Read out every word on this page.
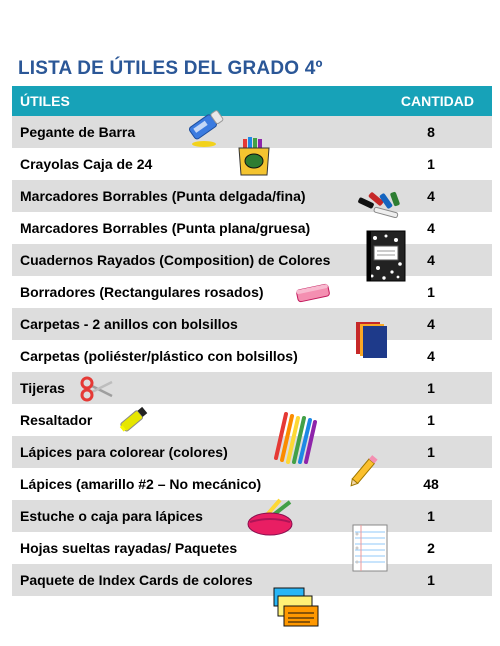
LISTA DE ÚTILES DEL GRADO 4º
ÚTILES	CANTIDAD
Pegante de Barra	8
Crayolas Caja de 24	1
Marcadores Borrables (Punta delgada/fina)	4
Marcadores Borrables (Punta plana/gruesa)	4
Cuadernos Rayados (Composition) de Colores	4
Borradores (Rectangulares rosados)	1
Carpetas - 2 anillos con bolsillos	4
Carpetas (poliéster/plástico con bolsillos)	4
Tijeras	1
Resaltador	1
Lápices para colorear (colores)	1
Lápices (amarillo #2 – No mecánico)	48
Estuche o caja para lápices	1
Hojas sueltas rayadas/ Paquetes	2
Paquete de Index Cards de colores	1
